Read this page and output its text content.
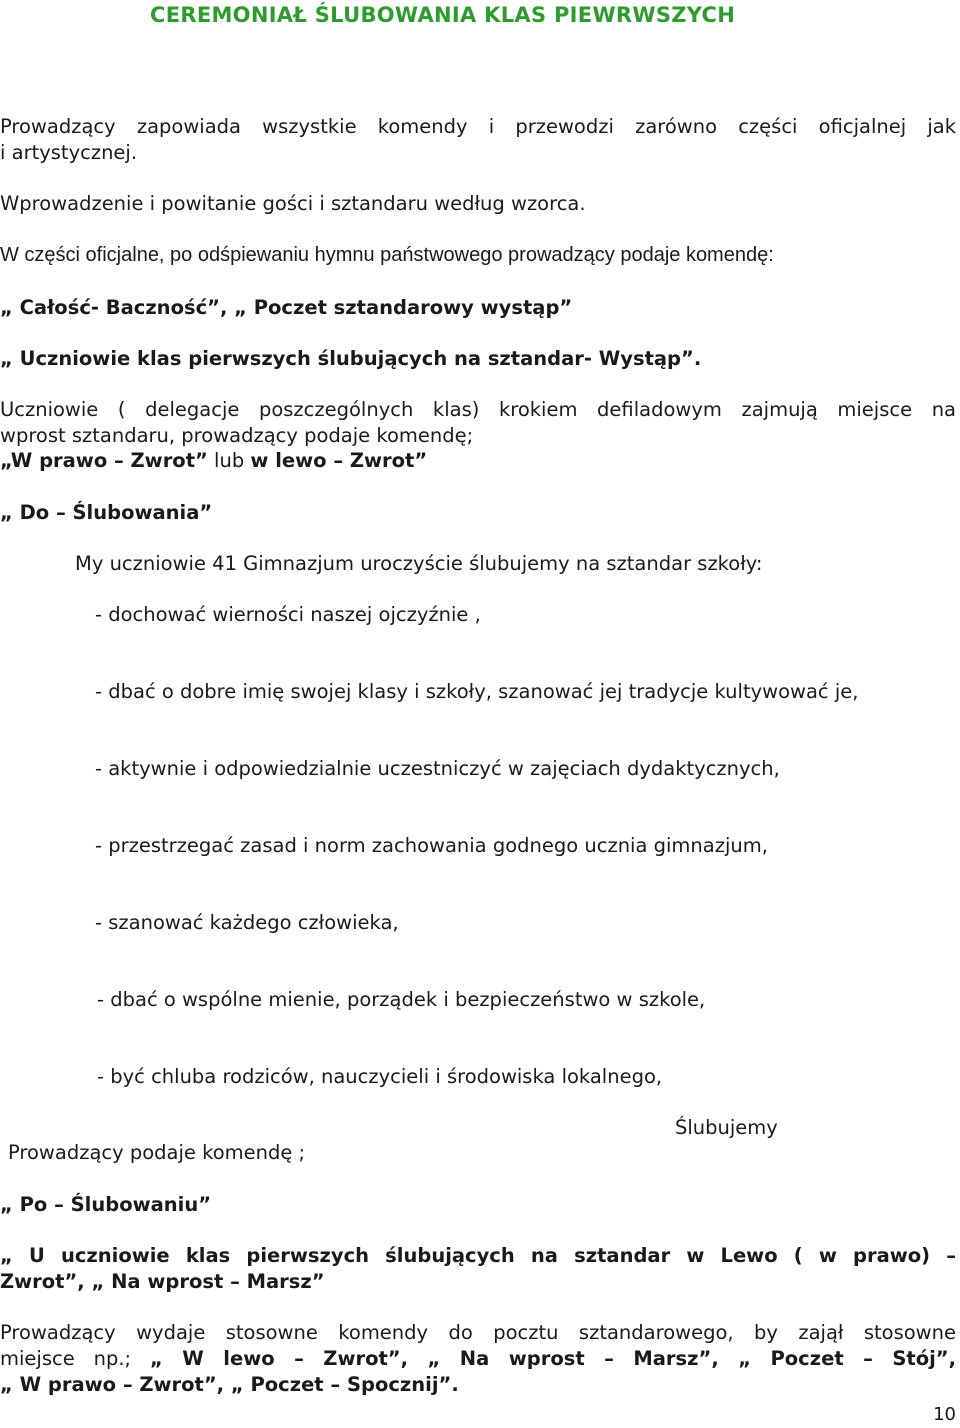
CEREMONIAŁ ŚLUBOWANIA KLAS PIEWRWSZYCH
Prowadzący zapowiada wszystkie komendy i przewodzi zarówno części oficjalnej jak
i artystycznej.
Wprowadzenie i powitanie gości i sztandaru według wzorca.
W części oficjalne, po odśpiewaniu hymnu państwowego prowadzący podaje komendę:
„ Całość- Baczność”, „ Poczet sztandarowy wystąp”
„ Uczniowie klas pierwszych ślubujących na sztandar- Wystąp”.
Uczniowie ( delegacje poszczególnych klas) krokiem defiladowym zajmują miejsce na
wprost sztandaru, prowadzący podaje komendę;
„W prawo – Zwrot” lub w lewo – Zwrot”
„ Do – Ślubowania”
My uczniowie 41 Gimnazjum uroczyście ślubujemy na sztandar szkoły:
- dochować wierności naszej ojczyźnie ,
- dbać o dobre imię swojej klasy i szkoły, szanować jej tradycje kultywować je,
- aktywnie i odpowiedzialnie uczestniczyć w zajęciach dydaktycznych,
- przestrzegać zasad i norm zachowania godnego ucznia gimnazjum,
- szanować każdego człowieka,
- dbać o wspólne mienie, porządek i bezpieczeństwo w szkole,
- być chluba rodziców, nauczycieli i środowiska lokalnego,
Ślubujemy
Prowadzący podaje komendę ;
„ Po – Ślubowaniu”
„ U uczniowie klas pierwszych ślubujących na sztandar w Lewo ( w prawo) –
Zwrot”, „ Na wprost – Marsz”
Prowadzący wydaje stosowne komendy do pocztu sztandarowego, by zajął stosowne
miejsce np.; „ W lewo – Zwrot”, „ Na wprost – Marsz”, „ Poczet – Stój”,
„ W prawo – Zwrot”, „ Poczet – Spocznij”.
10
